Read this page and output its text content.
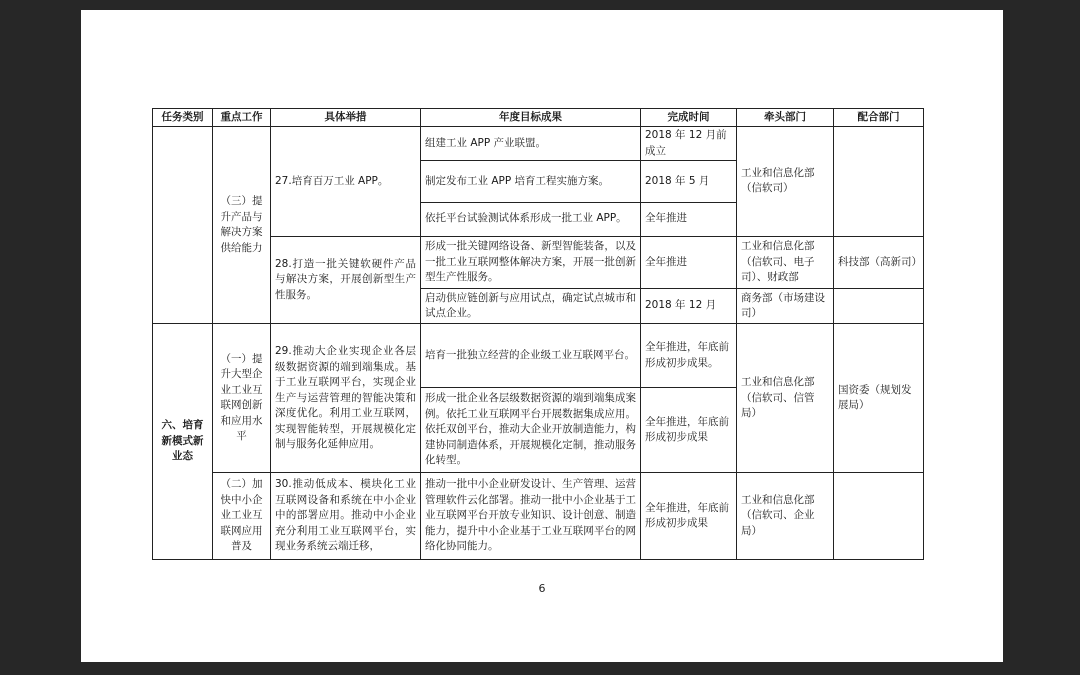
任务类别	重点工作	具体举措	年度目标成果	完成时间	牵头部门	配合部门
	（三）提升产品与解决方案供给能力	27.培育百万工业 APP。	组建工业 APP 产业联盟。	2018 年 12 月前成立	工业和信息化部（信软司）	
			制定发布工业 APP 培育工程实施方案。	2018 年 5 月		
			依托平台试验测试体系形成一批工业 APP。	全年推进		
		28.打造一批关键软硬件产品与解决方案，开展创新型生产性服务。	形成一批关键网络设备、新型智能装备，以及一批工业互联网整体解决方案，开展一批创新型生产性服务。	全年推进	工业和信息化部（信软司、电子司）、财政部	科技部（高新司）
			启动供应链创新与应用试点，确定试点城市和试点企业。	2018 年 12 月	商务部（市场建设司）	
六、培育新模式新业态	（一）提升大型企业工业互联网创新和应用水平	29.推动大企业实现企业各层级数据资源的端到端集成。基于工业互联网平台，实现企业生产与运营管理的智能决策和深度优化。利用工业互联网，实现智能转型，开展规模化定制与服务化延伸应用。	培育一批独立经营的企业级工业互联网平台。	全年推进，年底前形成初步成果。	工业和信息化部（信软司、信管局）	国资委（规划发展局）
			形成一批企业各层级数据资源的端到端集成案例。依托工业互联网平台开展数据集成应用。依托双创平台，推动大企业开放制造能力，构建协同制造体系，开展规模化定制，推动服务化转型。	全年推进，年底前形成初步成果		
	（二）加快中小企业工业互联网应用普及	30.推动低成本、模块化工业互联网设备和系统在中小企业中的部署应用。推动中小企业充分利用工业互联网平台，实现业务系统云端迁移，	推动一批中小企业研发设计、生产管理、运营管理软件云化部署。推动一批中小企业基于工业互联网平台开放专业知识、设计创意、制造能力，提升中小企业基于工业互联网平台的网络化协同能力。	全年推进，年底前形成初步成果	工业和信息化部（信软司、企业局）	
6
